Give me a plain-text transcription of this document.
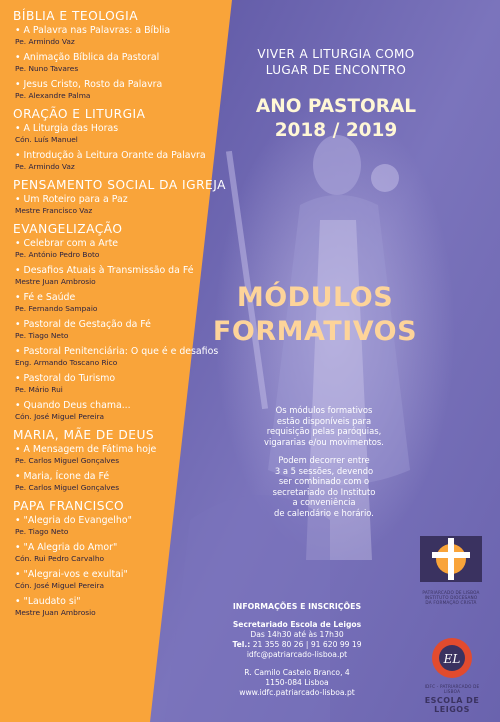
BÍBLIA E TEOLOGIA
• A Palavra nas Palavras: a Bíblia
Pe. Armindo Vaz
• Animação Bíblica da Pastoral
Pe. Nuno Tavares
• Jesus Cristo, Rosto da Palavra
Pe. Alexandre Palma
ORAÇÃO E LITURGIA
• A Liturgia das Horas
Cón. Luís Manuel
• Introdução à Leitura Orante da Palavra
Pe. Armindo Vaz
PENSAMENTO SOCIAL DA IGREJA
• Um Roteiro para a Paz
Mestre Francisco Vaz
EVANGELIZAÇÃO
• Celebrar com a Arte
Pe. António Pedro Boto
• Desafios Atuais à Transmissão da Fé
Mestre Juan Ambrosio
• Fé e Saúde
Pe. Fernando Sampaio
• Pastoral de Gestação da Fé
Pe. Tiago Neto
• Pastoral Penitenciária: O que é e desafios
Eng. Armando Toscano Rico
• Pastoral do Turismo
Pe. Mário Rui
• Quando Deus chama...
Cón. José Miguel Pereira
MARIA, MÃE DE DEUS
• A Mensagem de Fátima hoje
Pe. Carlos Miguel Gonçalves
• Maria, Ícone da Fé
Pe. Carlos Miguel Gonçalves
PAPA FRANCISCO
• "Alegria do Evangelho"
Pe. Tiago Neto
• "A Alegria do Amor"
Cón. Rui Pedro Carvalho
• "Alegrai-vos e exultai"
Cón. José Miguel Pereira
• "Laudato si"
Mestre Juan Ambrosio
VIVER A LITURGIA COMO
LUGAR DE ENCONTRO
ANO PASTORAL
2018 / 2019
MÓDULOS
FORMATIVOS
Os módulos formativos
estão disponíveis para
requisição pelas paróquias,
vigararias e/ou movimentos.
Podem decorrer entre
3 a 5 sessões, devendo
ser combinado com o
secretariado do Instituto
a conveniência
de calendário e horário.
INFORMAÇÕES E INSCRIÇÕES
Secretariado Escola de Leigos
Das 14h30 até às 17h30
Tel.: 21 355 80 26 | 91 620 99 19
idfc@patriarcado-lisboa.pt
R. Camilo Castelo Branco, 4
1150-084 Lisboa
www.idfc.patriarcado-lisboa.pt
PATRIARCADO DE LISBOA
INSTITUTO DIOCESANO
DA FORMAÇÃO CRISTÃ
EL
IDFC - PATRIARCADO DE LISBOA
ESCOLA DE LEIGOS
